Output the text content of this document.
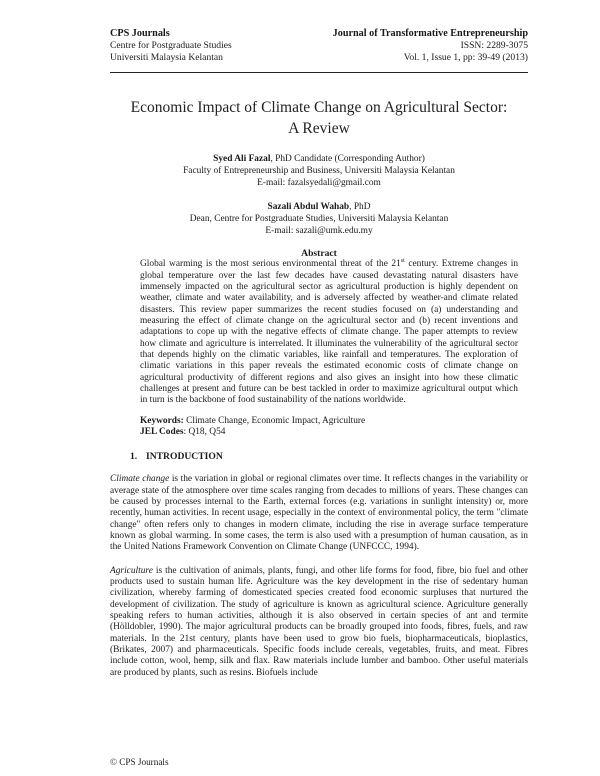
CPS Journals
Centre for Postgraduate Studies
Universiti Malaysia Kelantan
Journal of Transformative Entrepreneurship
ISSN: 2289-3075
Vol. 1, Issue 1, pp: 39-49 (2013)
Economic Impact of Climate Change on Agricultural Sector: A Review
Syed Ali Fazal, PhD Candidate (Corresponding Author)
Faculty of Entrepreneurship and Business, Universiti Malaysia Kelantan
E-mail: fazalsyedali@gmail.com
Sazali Abdul Wahab, PhD
Dean, Centre for Postgraduate Studies, Universiti Malaysia Kelantan
E-mail: sazali@umk.edu.my
Abstract
Global warming is the most serious environmental threat of the 21st century. Extreme changes in global temperature over the last few decades have caused devastating natural disasters have immensely impacted on the agricultural sector as agricultural production is highly dependent on weather, climate and water availability, and is adversely affected by weather-and climate related disasters. This review paper summarizes the recent studies focused on (a) understanding and measuring the effect of climate change on the agricultural sector and (b) recent inventions and adaptations to cope up with the negative effects of climate change. The paper attempts to review how climate and agriculture is interrelated. It illuminates the vulnerability of the agricultural sector that depends highly on the climatic variables, like rainfall and temperatures. The exploration of climatic variations in this paper reveals the estimated economic costs of climate change on agricultural productivity of different regions and also gives an insight into how these climatic challenges at present and future can be best tackled in order to maximize agricultural output which in turn is the backbone of food sustainability of the nations worldwide.
Keywords: Climate Change, Economic Impact, Agriculture
JEL Codes: Q18, Q54
1. INTRODUCTION
Climate change is the variation in global or regional climates over time. It reflects changes in the variability or average state of the atmosphere over time scales ranging from decades to millions of years. These changes can be caused by processes internal to the Earth, external forces (e.g. variations in sunlight intensity) or, more recently, human activities. In recent usage, especially in the context of environmental policy, the term "climate change" often refers only to changes in modern climate, including the rise in average surface temperature known as global warming. In some cases, the term is also used with a presumption of human causation, as in the United Nations Framework Convention on Climate Change (UNFCCC, 1994).
Agriculture is the cultivation of animals, plants, fungi, and other life forms for food, fibre, bio fuel and other products used to sustain human life. Agriculture was the key development in the rise of sedentary human civilization, whereby farming of domesticated species created food economic surpluses that nurtured the development of civilization. The study of agriculture is known as agricultural science. Agriculture generally speaking refers to human activities, although it is also observed in certain species of ant and termite (Hölldobler, 1990). The major agricultural products can be broadly grouped into foods, fibres, fuels, and raw materials. In the 21st century, plants have been used to grow bio fuels, biopharmaceuticals, bioplastics, (Brikates, 2007) and pharmaceuticals. Specific foods include cereals, vegetables, fruits, and meat. Fibres include cotton, wool, hemp, silk and flax. Raw materials include lumber and bamboo. Other useful materials are produced by plants, such as resins. Biofuels include
© CPS Journals
